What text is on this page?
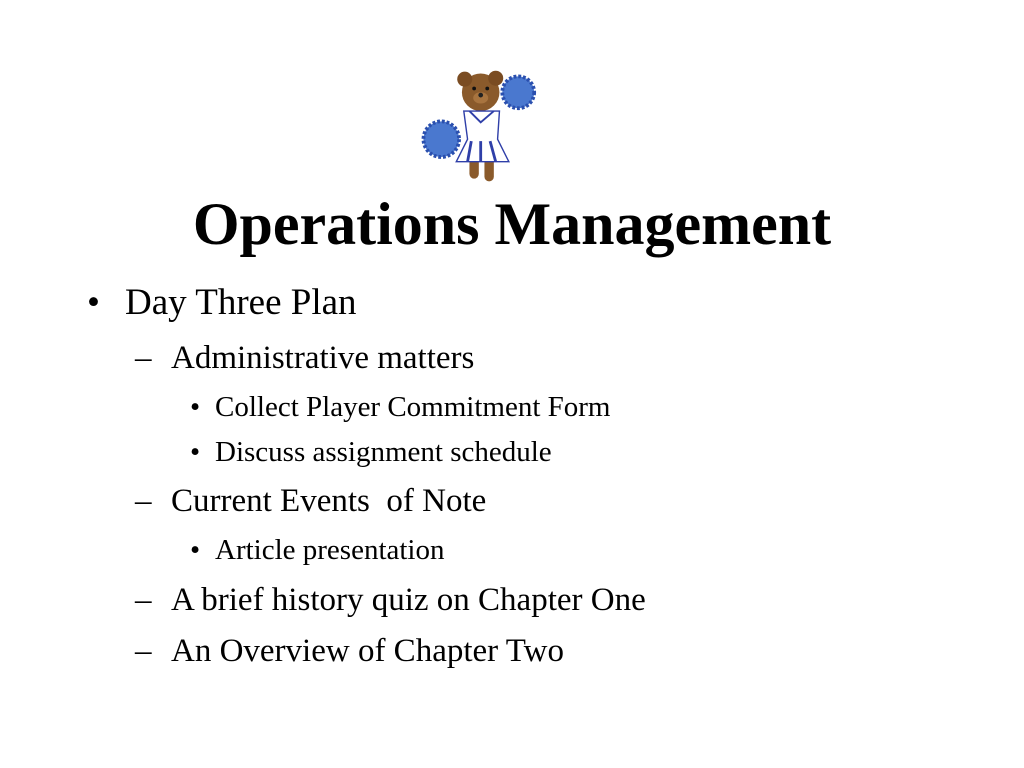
Operations Management
• Day Three Plan
– Administrative matters
• Collect Player Commitment Form
• Discuss assignment schedule
– Current Events  of Note
• Article presentation
– A brief history quiz on Chapter One
– An Overview of Chapter Two
